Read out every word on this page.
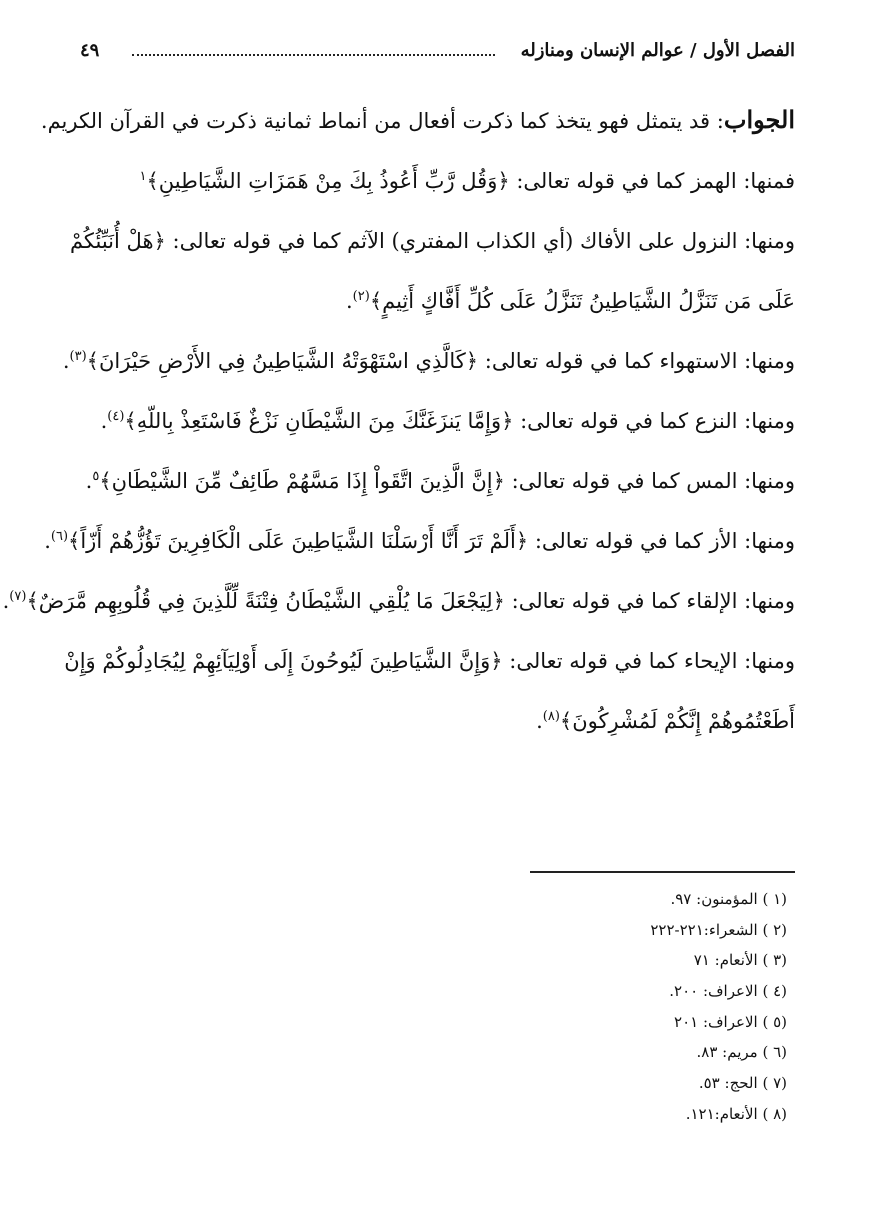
الفصل الأول / عوالم الإنسان ومنازله
٤٩
الجواب: قد يتمثل فهو يتخذ كما ذكرت أفعال من أنماط ثمانية ذكرت في القرآن الكريم.
فمنها: الهمز كما في قوله تعالى: ﴿وَقُل رَّبِّ أَعُوذُ بِكَ مِنْ هَمَزَاتِ الشَّيَاطِينِ﴾$^١$
ومنها: النزول على الأفاك (أي الكذاب المفتري) الآثم كما في قوله تعالى: ﴿هَلْ أُنَبِّئُكُمْ
عَلَى مَن تَنَزَّلُ الشَّيَاطِينُ تَنَزَّلُ عَلَى كُلِّ أَفَّاكٍ أَثِيمٍ﴾$^{(٢)}$.
ومنها: الاستهواء كما في قوله تعالى: ﴿كَالَّذِي اسْتَهْوَتْهُ الشَّيَاطِينُ فِي الأَرْضِ حَيْرَانَ﴾$^{(٣)}$.
ومنها: النزع كما في قوله تعالى: ﴿وَإِمَّا يَنزَغَنَّكَ مِنَ الشَّيْطَانِ نَزْغٌ فَاسْتَعِذْ بِاللّهِ﴾$^{(٤)}$.
ومنها: المس كما في قوله تعالى: ﴿إِنَّ الَّذِينَ اتَّقَواْ إِذَا مَسَّهُمْ طَائِفٌ مِّنَ الشَّيْطَانِ﴾$^٥$.
ومنها: الأز كما في قوله تعالى: ﴿أَلَمْ تَرَ أَنَّا أَرْسَلْنَا الشَّيَاطِينَ عَلَى الْكَافِرِينَ تَؤُزُّهُمْ أَزّاً﴾$^{(٦)}$.
ومنها: الإلقاء كما في قوله تعالى: ﴿لِيَجْعَلَ مَا يُلْقِي الشَّيْطَانُ فِتْنَةً لِّلَّذِينَ فِي قُلُوبِهِم مَّرَضٌ﴾$^{(٧)}$.
ومنها: الإيحاء كما في قوله تعالى: ﴿وَإِنَّ الشَّيَاطِينَ لَيُوحُونَ إِلَى أَوْلِيَآئِهِمْ لِيُجَادِلُوكُمْ وَإِنْ
أَطَعْتُمُوهُمْ إِنَّكُمْ لَمُشْرِكُونَ﴾$^{(٨)}$.
(١ ) المؤمنون: ٩٧.
(٢ ) الشعراء:٢٢١-٢٢٢
(٣ ) الأنعام: ٧١
(٤ ) الاعراف: ٢٠٠.
(٥ ) الاعراف: ٢٠١
(٦ ) مريم: ٨٣.
(٧ ) الحج: ٥٣.
(٨ ) الأنعام:١٢١.
